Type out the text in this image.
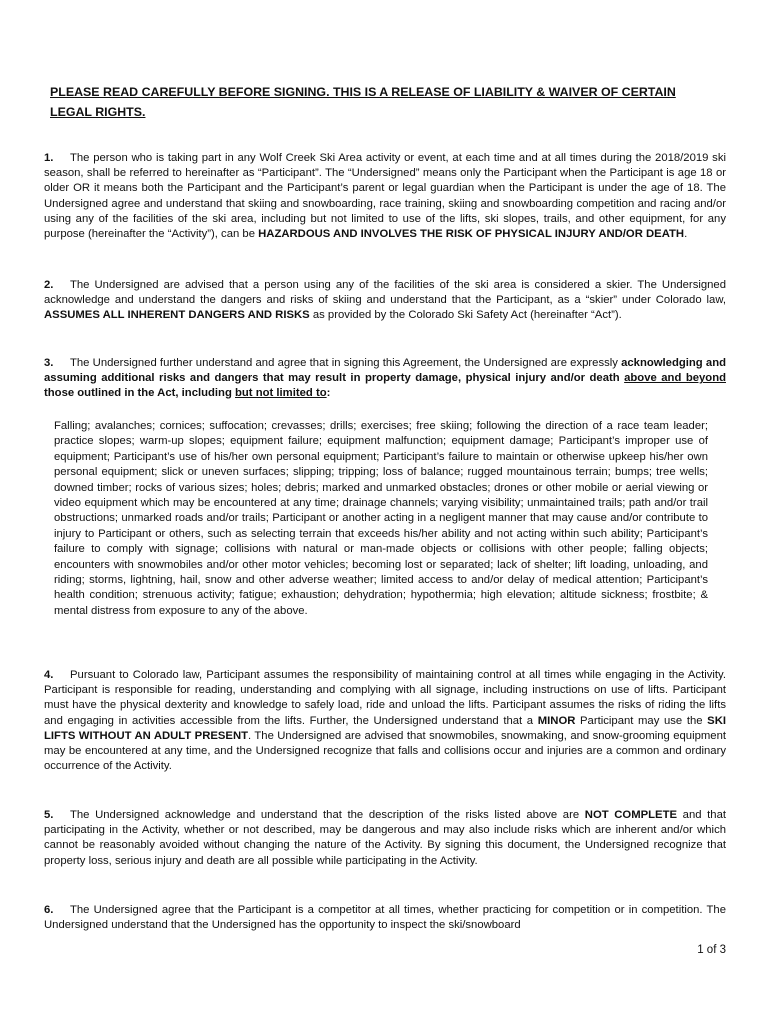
PLEASE READ CAREFULLY BEFORE SIGNING. THIS IS A RELEASE OF LIABILITY & WAIVER OF CERTAIN LEGAL RIGHTS.

1. The person who is taking part in any Wolf Creek Ski Area activity or event, at each time and at all times during the 2018/2019 ski season, shall be referred to hereinafter as “Participant”. The “Undersigned” means only the Participant when the Participant is age 18 or older OR it means both the Participant and the Participant’s parent or legal guardian when the Participant is under the age of 18. The Undersigned agree and understand that skiing and snowboarding, race training, skiing and snowboarding competition and racing and/or using any of the facilities of the ski area, including but not limited to use of the lifts, ski slopes, trails, and other equipment, for any purpose (hereinafter the “Activity”), can be HAZARDOUS AND INVOLVES THE RISK OF PHYSICAL INJURY AND/OR DEATH.

2. The Undersigned are advised that a person using any of the facilities of the ski area is considered a skier. The Undersigned acknowledge and understand the dangers and risks of skiing and understand that the Participant, as a “skier” under Colorado law, ASSUMES ALL INHERENT DANGERS AND RISKS as provided by the Colorado Ski Safety Act (hereinafter “Act”).

3. The Undersigned further understand and agree that in signing this Agreement, the Undersigned are expressly acknowledging and assuming additional risks and dangers that may result in property damage, physical injury and/or death above and beyond those outlined in the Act, including but not limited to:

Falling; avalanches; cornices; suffocation; crevasses; drills; exercises; free skiing; following the direction of a race team leader; practice slopes; warm-up slopes; equipment failure; equipment malfunction; equipment damage; Participant’s improper use of equipment; Participant’s use of his/her own personal equipment; Participant’s failure to maintain or otherwise upkeep his/her own personal equipment; slick or uneven surfaces; slipping; tripping; loss of balance; rugged mountainous terrain; bumps; tree wells; downed timber; rocks of various sizes; holes; debris; marked and unmarked obstacles; drones or other mobile or aerial viewing or video equipment which may be encountered at any time; drainage channels; varying visibility; unmaintained trails; path and/or trail obstructions; unmarked roads and/or trails; Participant or another acting in a negligent manner that may cause and/or contribute to injury to Participant or others, such as selecting terrain that exceeds his/her ability and not acting within such ability; Participant’s failure to comply with signage; collisions with natural or man-made objects or collisions with other people; falling objects; encounters with snowmobiles and/or other motor vehicles; becoming lost or separated; lack of shelter; lift loading, unloading, and riding; storms, lightning, hail, snow and other adverse weather; limited access to and/or delay of medical attention; Participant’s health condition; strenuous activity; fatigue; exhaustion; dehydration; hypothermia; high elevation; altitude sickness; frostbite; & mental distress from exposure to any of the above.

4. Pursuant to Colorado law, Participant assumes the responsibility of maintaining control at all times while engaging in the Activity. Participant is responsible for reading, understanding and complying with all signage, including instructions on use of lifts. Participant must have the physical dexterity and knowledge to safely load, ride and unload the lifts. Participant assumes the risks of riding the lifts and engaging in activities accessible from the lifts. Further, the Undersigned understand that a MINOR Participant may use the SKI LIFTS WITHOUT AN ADULT PRESENT. The Undersigned are advised that snowmobiles, snowmaking, and snow-grooming equipment may be encountered at any time, and the Undersigned recognize that falls and collisions occur and injuries are a common and ordinary occurrence of the Activity.

5. The Undersigned acknowledge and understand that the description of the risks listed above are NOT COMPLETE and that participating in the Activity, whether or not described, may be dangerous and may also include risks which are inherent and/or which cannot be reasonably avoided without changing the nature of the Activity. By signing this document, the Undersigned recognize that property loss, serious injury and death are all possible while participating in the Activity.

6. The Undersigned agree that the Participant is a competitor at all times, whether practicing for competition or in competition. The Undersigned understand that the Undersigned has the opportunity to inspect the ski/snowboard

1 of 3
